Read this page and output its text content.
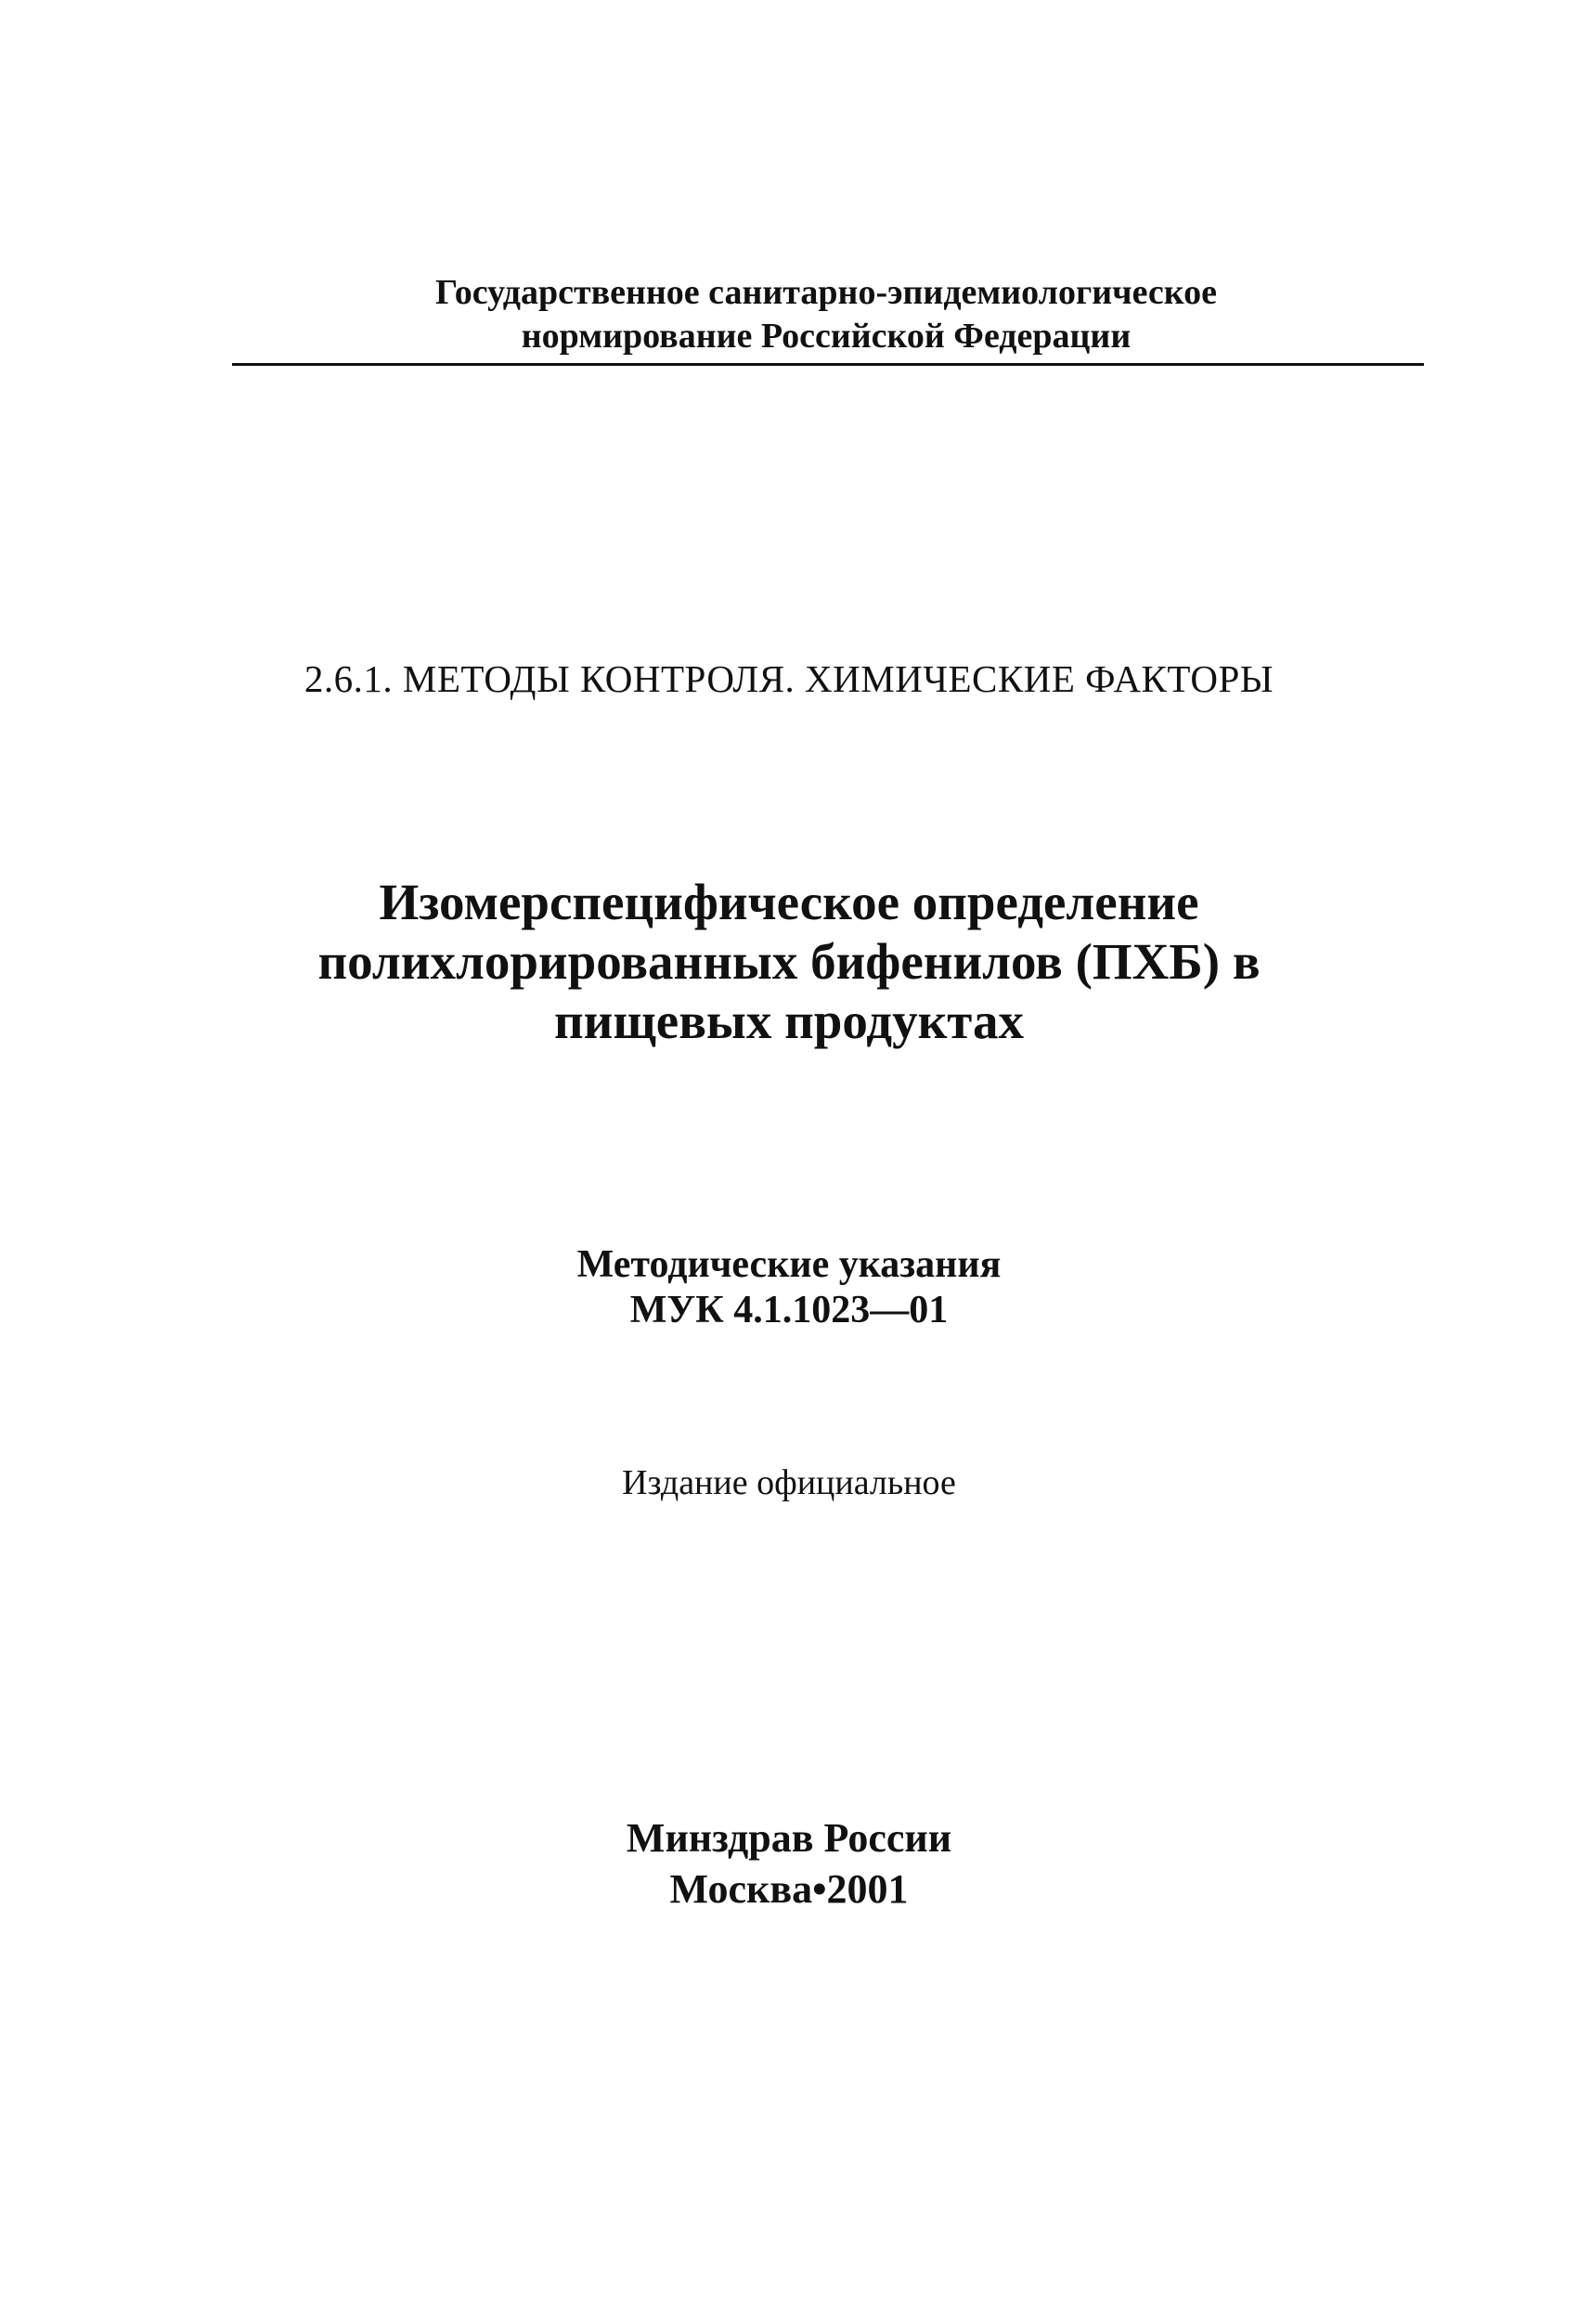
Государственное санитарно-эпидемиологическое
нормирование Российской Федерации
2.6.1. МЕТОДЫ КОНТРОЛЯ. ХИМИЧЕСКИЕ ФАКТОРЫ
Изомерспецифическое определение
полихлорированных бифенилов (ПХБ) в
пищевых продуктах
Методические указания
МУК 4.1.1023—01
Издание официальное
Минздрав России
Москва•2001
